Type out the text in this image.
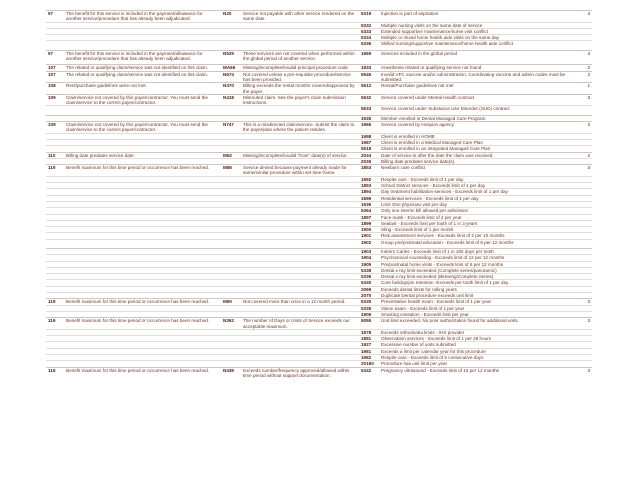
97	The benefit for this service is included in the payment/allowance for another service/procedure that has already been adjudicated.	N20	Service not payable with other service rendered on the same date.	5319	Injection is part of aspiration	4
				5332	Multiple nursing visits on the same date of service	
				5333	Extended supportive maintenance/nurse visit conflict	
				5334	Multiple or mixed home health aide visits on the same day	
				5336	Skilled nursing/supportive maintenance/home health aide conflict	

97	The benefit for this service is included in the payment/allowance for another service/procedure that has already been adjudicated.	N525	These services are not covered when performed within the global period of another service.	1969	Services included in the global period	4

107	The related or qualifying claim/service was not identified on this claim.	MA66	Missing/incomplete/invalid principal procedure code.	1933	Anesthesia related or qualifying service not found	2
107	The related or qualifying claim/service was not identified on this claim.	N674	Not covered unless a pre-requisite procedure/service has been provided.	5545	Invalid VFC vaccine and/or administration. Coordinating vaccine and admin codes must be submitted.	2
108	Rent/purchase guidelines were not met.	N370	Billing exceeds the rental months covered/approved by the payer.	5512	Rental/Purchase guidelines not met	1
109	Claim/service not covered by this payer/contractor. You must send the claim/service to the correct payer/contractor.	N418	Misrouted claim. See the payer's claim submission instructions.	5532	Service covered under Mental Health contract	3
				5533	Service covered under Substance Use Disorder (SUD) contract	

				1935	Member enrolled in Dental Managed Care Program	
109	Claim/service not covered by this payer/contractor. You must send the claim/service to the correct payer/contractor.	N747	This is a misdirected claim/service. Submit the claim to the payer/plan where the patient resides.	1965	Service covered by Hospice agency	3
				1998	Client is enrolled in HOME	
				1987	Client is enrolled in a Medical Managed Care Plan	
				5518	Client is enrolled in an Integrated Managed Care Plan	
110	Billing date predates service date.	M52	Missing/incomplete/invalid "from" date(s) of service.	2034	Date of service is after the date the claim was received.	2
				2035	Billing date predates service date(s).	
119	Benefit maximum for this time period or occurrence has been reached.	M86	Service denied because payment already made for same/similar procedure within set time frame.	1853	Newborn care conflict	3
				1892	Respite care - Exceeds limit of 1 per day	
				1893	School District services - Exceeds limit of 1 per day	
				1894	Day treatment habilitation services - Exceeds limit of 1 per day	
				1896	Residential services - Exceeds limit of 1 per day	
				1939	Limit One physician visit per day	
				5364	Only one interim bill allowed per admission	
				1897	Face mask - Exceeds limit of 2 per year	
				1899	Sealant - Exceeds limit per tooth of 1 in 3 years	
				1900	Sling - Exceeds limit of 1 per month	
				1901	Risk assessment services - Exceeds limit of 2 per 10 months	
				1902	Group pre/postnatal education - Exceeds limit of 8 per 12 months	

				1903	Interim Caries - Exceeds limit of 1 in 180 days per tooth	
				1904	Psychosocial counseling - Exceeds limit of 12 per 12 months	
				1905	Pre/postnatal home visits - Exceeds limit of 6 per 12 months	
				5338	Dental x-ray limit exceeded (Complete series/panoramic)	
				5339	Dental x-ray limit exceeded (Bitewing/Complete Series)	
				5340	Core buildup/pin retention -Exceeds per tooth limit of 1 per day	
				2069	Exceeds dental limits for rolling years	
				2070	Duplicate Dental procedure exceeds unit limit	
119	Benefit maximum for this time period or occurrence has been reached.	M90	Not covered more than once in a 12 month period.	5330	Preventative health exam - Exceeds limit of 1 per year	3
				5335	Vision exam - Exceeds limit of 1 per year	
				1906	Smoking cessation - Exceeds limit per year	
119	Benefit maximum for this time period or occurrence has been reached.	N362	The number of Days or Units of Service exceeds our acceptable maximum.	5055	Unit limit exceeded. No prior authorization found for additional units.	3
				1878	Exceeds orthodontia limits - IHS provider	
				1891	Observation services - Exceeds limit of 1 per 48 hours	
				1927	Excessive number of units submitted	
				1981	Exceeds a limit per calendar year for this procedure	
				1982	Respite care - Exceeds limit of 5 consecutive days	
				20160	Procedure has unit limit per year	
119	Benefit maximum for this time period or occurrence has been reached.	N435	Exceeds number/frequency approved/allowed within time period without support documentation.	5342	Pregnancy ultrasound - Exceeds limit of 10 per 12 months	3
